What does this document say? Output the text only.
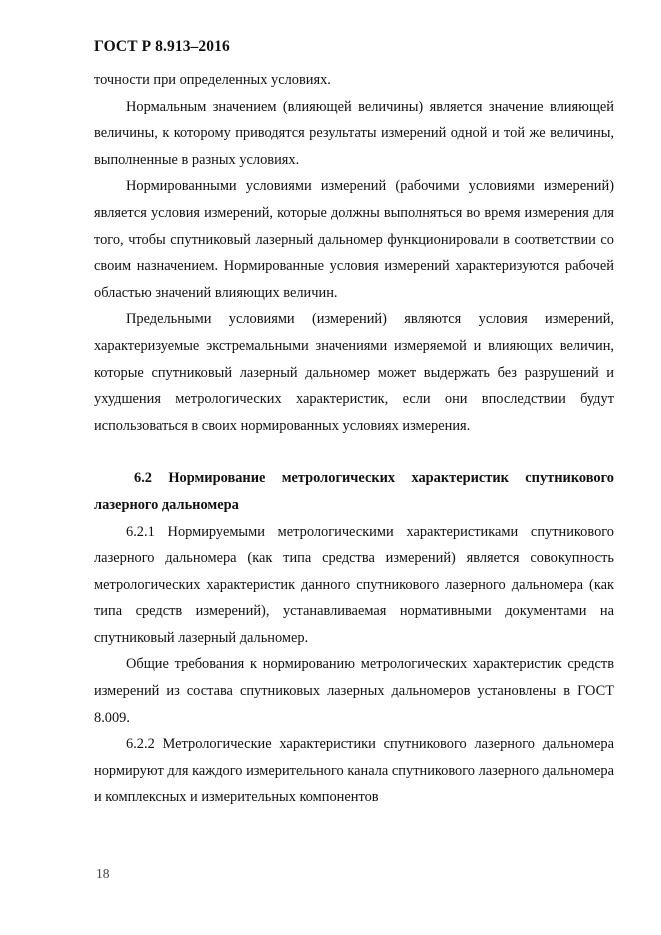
ГОСТ Р 8.913–2016

точности при определенных условиях.

Нормальным значением (влияющей величины) является значение влияющей величины, к которому приводятся результаты измерений одной и той же величины, выполненные в разных условиях.

Нормированными условиями измерений (рабочими условиями измерений) является условия измерений, которые должны выполняться во время измерения для того, чтобы спутниковый лазерный дальномер функционировали в соответствии со своим назначением. Нормированные условия измерений характеризуются рабочей областью значений влияющих величин.

Предельными условиями (измерений) являются условия измерений, характеризуемые экстремальными значениями измеряемой и влияющих величин, которые спутниковый лазерный дальномер может выдержать без разрушений и ухудшения метрологических характеристик, если они впоследствии будут использоваться в своих нормированных условиях измерения.

6.2 Нормирование метрологических характеристик спутникового лазерного дальномера

6.2.1 Нормируемыми метрологическими характеристиками спутникового лазерного дальномера (как типа средства измерений) является совокупность метрологических характеристик данного спутникового лазерного дальномера (как типа средств измерений), устанавливаемая нормативными документами на спутниковый лазерный дальномер.

Общие требования к нормированию метрологических характеристик средств измерений из состава спутниковых лазерных дальномеров установлены в ГОСТ 8.009.

6.2.2 Метрологические характеристики спутникового лазерного дальномера нормируют для каждого измерительного канала спутникового лазерного дальномера и комплексных и измерительных компонентов

18
